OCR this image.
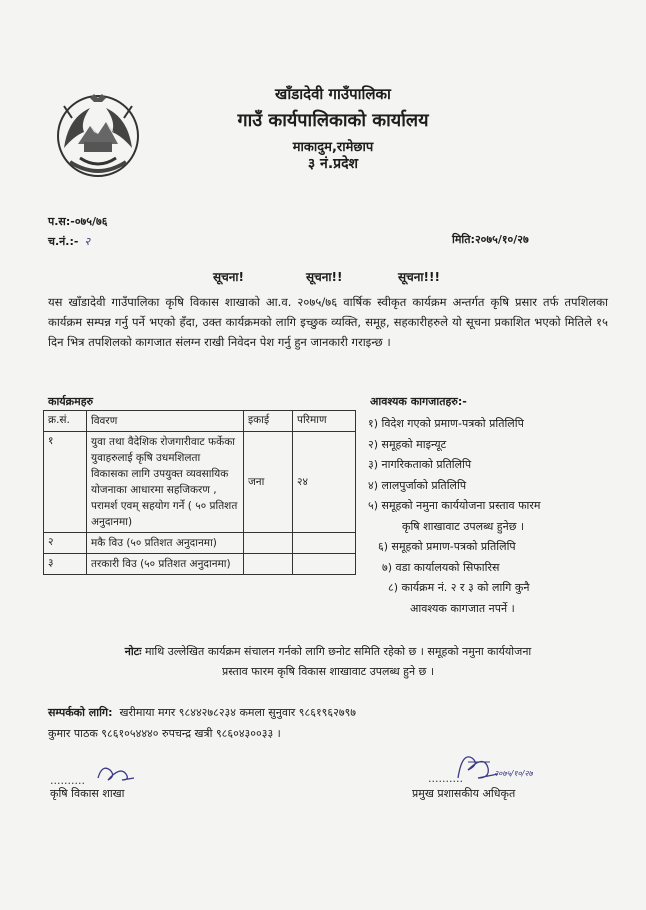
खाँडादेवी गाउँपालिका
गाउँ कार्यपालिकाको कार्यालय
माकादुम,रामेछाप
३ नं.प्रदेश
प.स:-०७५/७६
च.नं.:- २	मिति:२०७५/१०/२७
सूचना!	सूचना!!	सूचना!!!
यस खाँडादेवी गाउँपालिका कृषि विकास शाखाको आ.व. २०७५/७६ वार्षिक स्वीकृत कार्यक्रम अन्तर्गत कृषि प्रसार तर्फ तपशिलका कार्यक्रम सम्पन्न गर्नु पर्ने भएको हँदा, उक्त कार्यक्रमको लागि इच्छुक व्यक्ति, समूह, सहकारीहरुले यो सूचना प्रकाशित भएको मितिले १५ दिन भित्र तपशिलको कागजात संलग्न राखी निवेदन पेश गर्नु हुन जानकारी गराइन्छ ।
कार्यक्रमहरु
क्र.सं.	विवरण	इकाई	परिमाण
१	युवा तथा वैदेशिक रोजगारीवाट फर्केका युवाहरुलाई कृषि उधमशिलता विकासका लागि उपयुक्त व्यवसायिक योजनाका आधारमा सहजिकरण , परामर्श एवम् सहयोग गर्ने ( ५० प्रतिशत अनुदानमा)	जना	२४
२	मकै विउ (५० प्रतिशत अनुदानमा)		
३	तरकारी विउ (५० प्रतिशत अनुदानमा)		
आवश्यक कागजातहरु:-
१) विदेश गएको प्रमाण-पत्रको प्रतिलिपि
२) समूहको माइन्यूट
३) नागरिकताको प्रतिलिपि
४) लालपुर्जाको प्रतिलिपि
५) समूहको नमुना कार्ययोजना प्रस्ताव फारम
कृषि शाखावाट उपलब्ध हुनेछ ।
६) समूहको प्रमाण-पत्रको प्रतिलिपि
७) वडा कार्यालयको सिफारिस
८) कार्यक्रम नं. २ र ३ को लागि कुनै
आवश्यक कागजात नपर्ने ।
नोटः माथि उल्लेखित कार्यक्रम संचालन गर्नको लागि छनोट समिति रहेको छ । समूहको नमुना कार्ययोजना
प्रस्ताव फारम कृषि विकास शाखावाट उपलब्ध हुने छ ।
सम्पर्कको लागि: खरीमाया मगर ९८४४२७८२३४ कमला सुनुवार ९८६१९६२७९७
कुमार पाठक ९८६१०५४४४० रुपचन्द्र खत्री ९८६०४३००३३ ।
..........	..........	२०७५/१०/२७
कृषि विकास शाखा	प्रमुख प्रशासकीय अधिकृत
